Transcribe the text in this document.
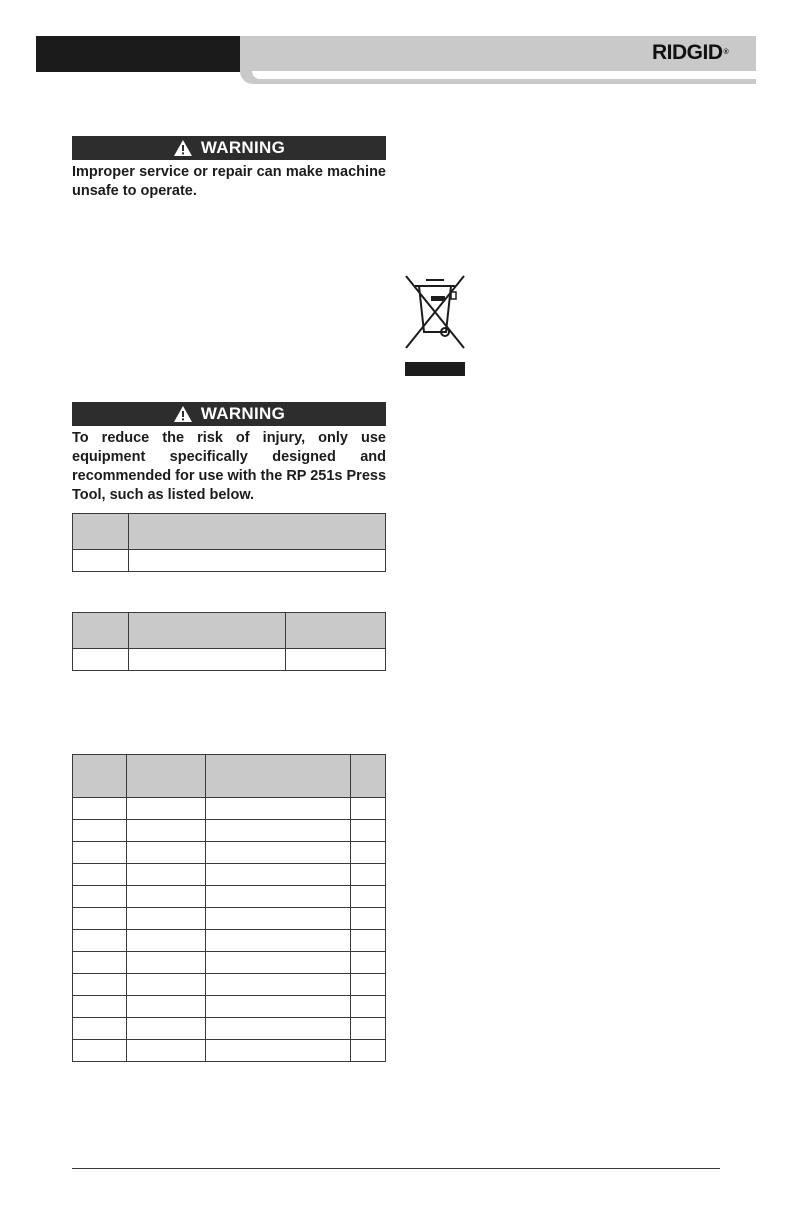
RIDGID®
WARNING
Improper service or repair can make machine unsafe to operate.
WARNING
To reduce the risk of injury, only use equipment specifically designed and recommended for use with the RP 251s Press Tool, such as listed below.
